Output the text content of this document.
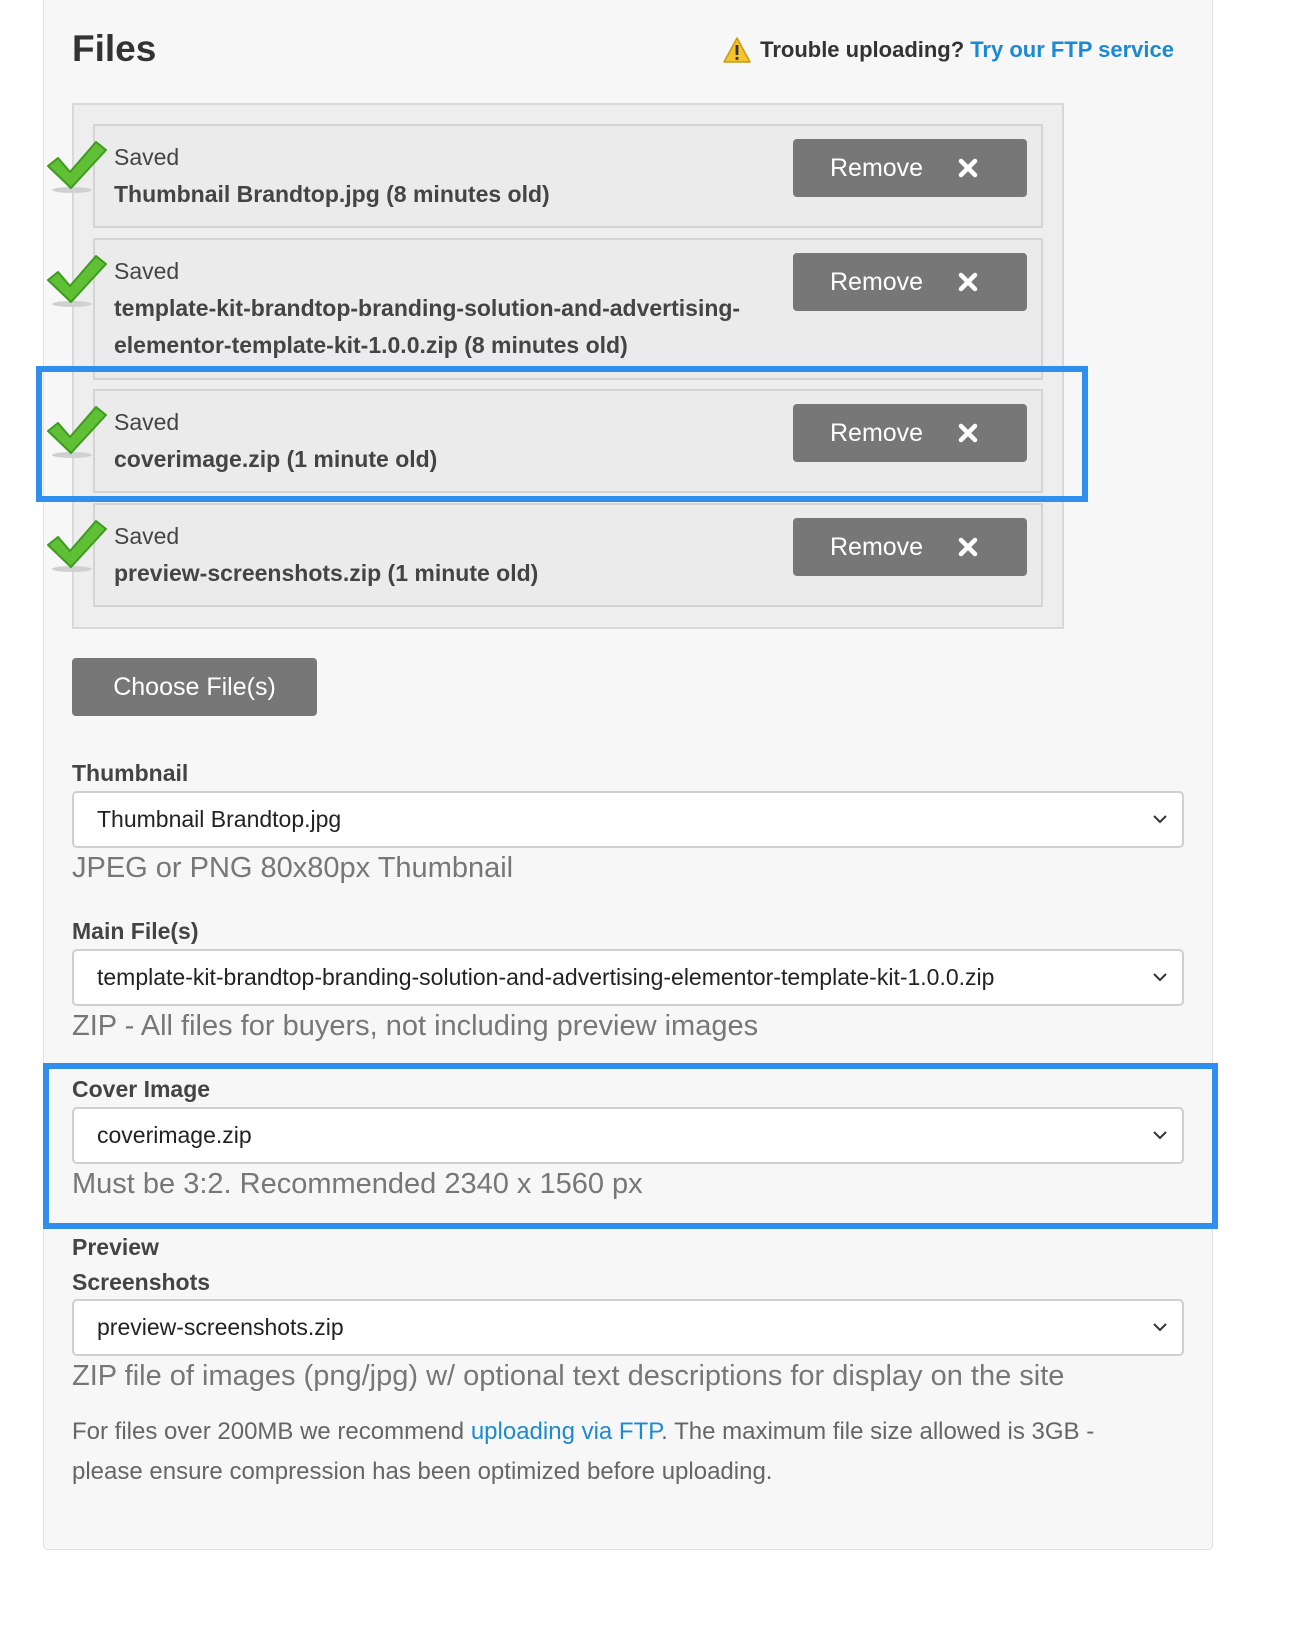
Files	Trouble uploading? Try our FTP service
Saved
Thumbnail Brandtop.jpg (8 minutes old)
Remove
Saved
template-kit-brandtop-branding-solution-and-advertising-elementor-template-kit-1.0.0.zip (8 minutes old)
Remove
Saved
coverimage.zip (1 minute old)
Remove
Saved
preview-screenshots.zip (1 minute old)
Remove
Choose File(s)
Thumbnail
Thumbnail Brandtop.jpg
JPEG or PNG 80x80px Thumbnail
Main File(s)
template-kit-brandtop-branding-solution-and-advertising-elementor-template-kit-1.0.0.zip
ZIP - All files for buyers, not including preview images
Cover Image
coverimage.zip
Must be 3:2. Recommended 2340 x 1560 px
Preview
Screenshots
preview-screenshots.zip
ZIP file of images (png/jpg) w/ optional text descriptions for display on the site
For files over 200MB we recommend uploading via FTP. The maximum file size allowed is 3GB - please ensure compression has been optimized before uploading.
